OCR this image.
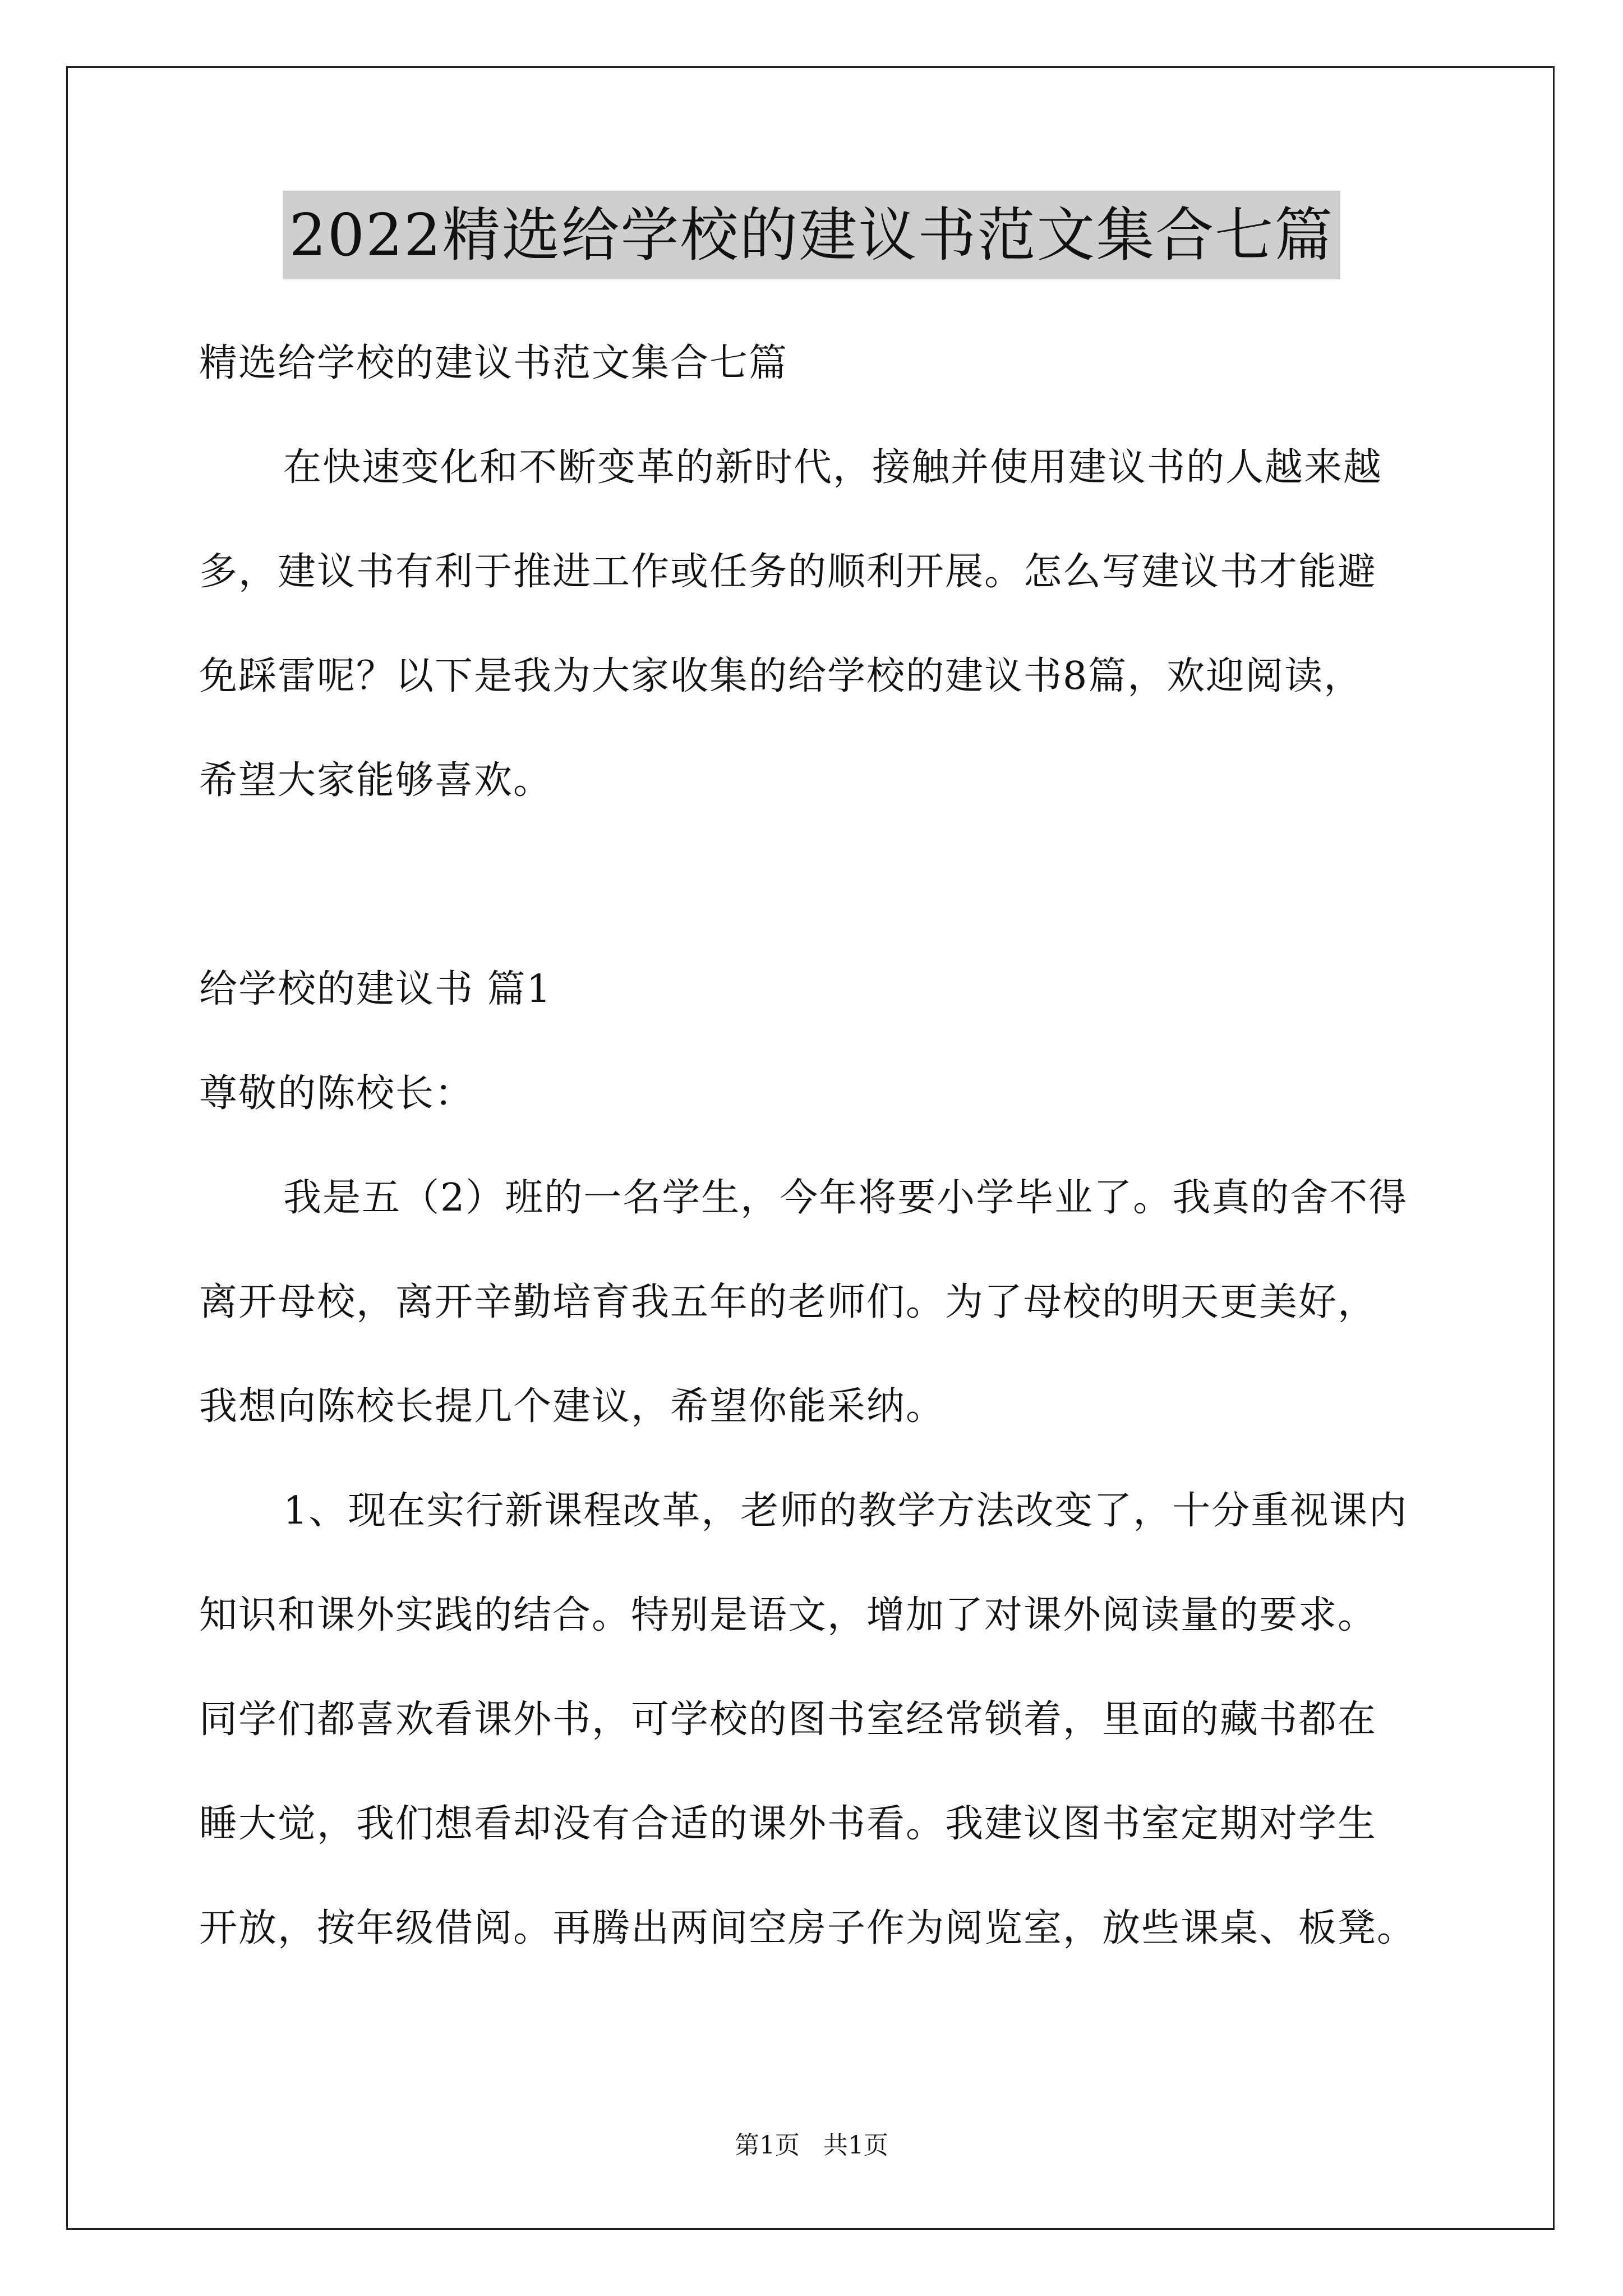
2022精选给学校的建议书范文集合七篇
精选给学校的建议书范文集合七篇
在快速变化和不断变革的新时代，接触并使用建议书的人越来越
多，建议书有利于推进工作或任务的顺利开展。怎么写建议书才能避
免踩雷呢？以下是我为大家收集的给学校的建议书8篇，欢迎阅读，
希望大家能够喜欢。
给学校的建议书 篇1
尊敬的陈校长：
我是五（2）班的一名学生，今年将要小学毕业了。我真的舍不得
离开母校，离开辛勤培育我五年的老师们。为了母校的明天更美好，
我想向陈校长提几个建议，希望你能采纳。
1、现在实行新课程改革，老师的教学方法改变了，十分重视课内
知识和课外实践的结合。特别是语文，增加了对课外阅读量的要求。
同学们都喜欢看课外书，可学校的图书室经常锁着，里面的藏书都在
睡大觉，我们想看却没有合适的课外书看。我建议图书室定期对学生
开放，按年级借阅。再腾出两间空房子作为阅览室，放些课桌、板凳。
第1页   共1页
